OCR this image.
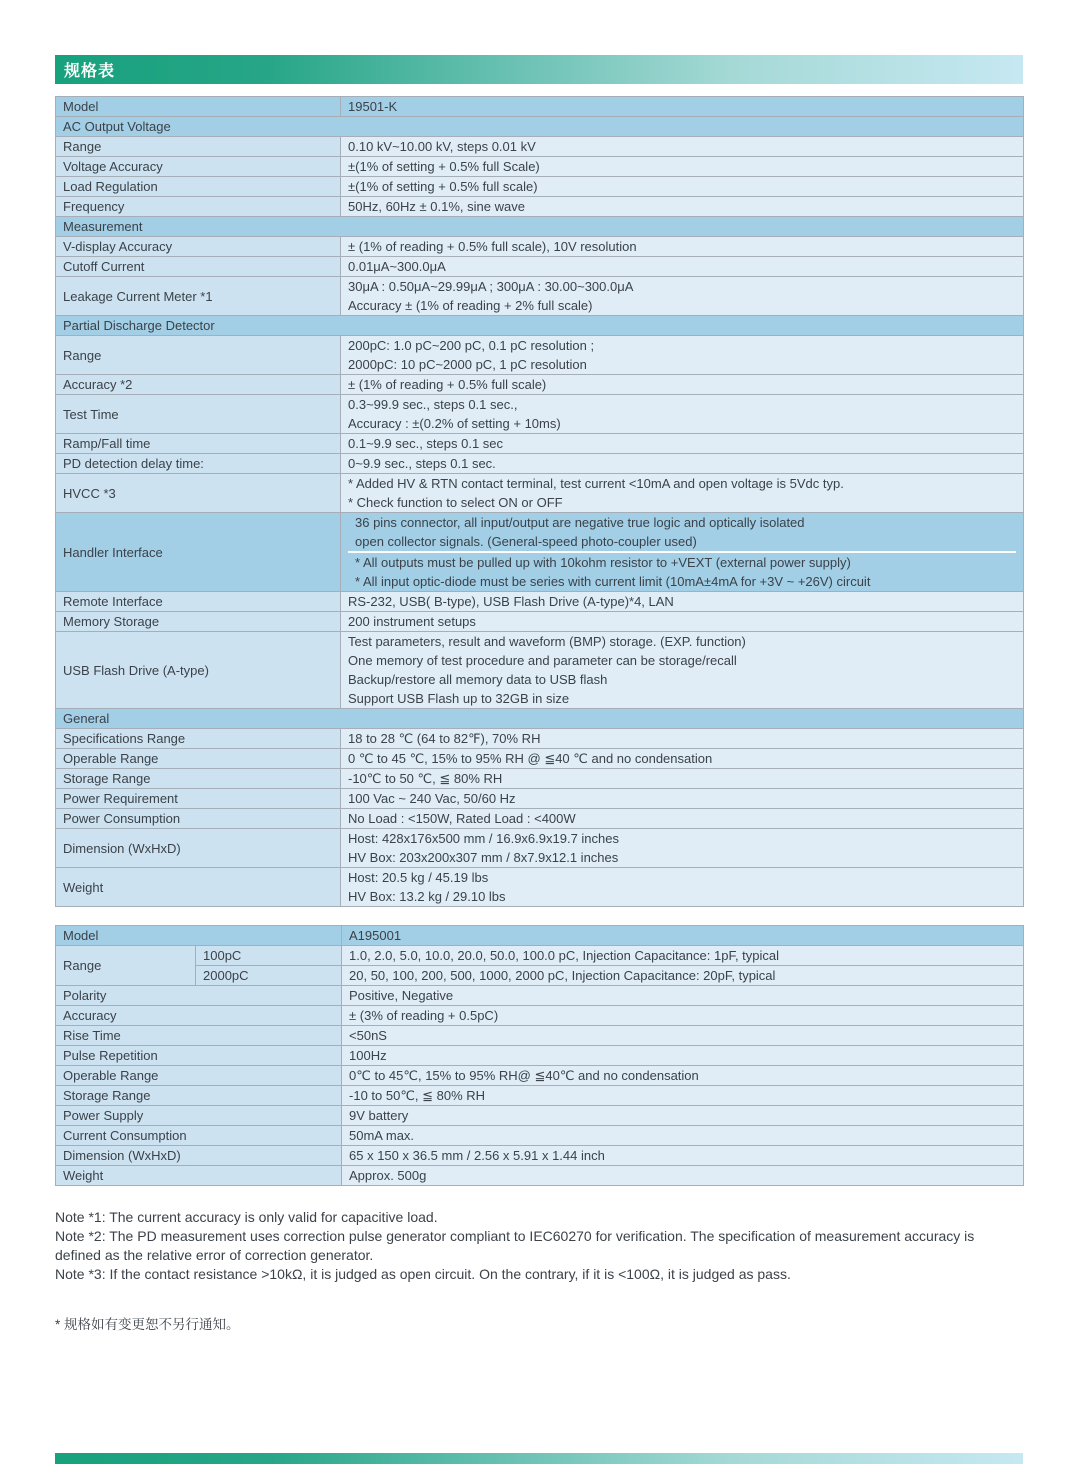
规格表
Model	19501-K

AC Output Voltage	

Range	0.10 kV~10.00 kV, steps 0.01 kV

Voltage Accuracy	±(1% of setting + 0.5% full Scale)

Load Regulation	±(1% of setting + 0.5% full scale)

Frequency	50Hz, 60Hz ± 0.1%, sine wave

Measurement	

V-display Accuracy	± (1% of reading + 0.5% full scale), 10V resolution

Cutoff Current	0.01μA~300.0μA

Leakage Current Meter *1	30μA : 0.50μA~29.99μA ; 300μA : 30.00~300.0μA
Accuracy ± (1% of reading + 2% full scale)

Partial Discharge Detector	

Range	200pC: 1.0 pC~200 pC, 0.1 pC resolution ;
2000pC: 10 pC~2000 pC, 1 pC resolution

Accuracy *2	± (1% of reading + 0.5% full scale)

Test Time	0.3~99.9 sec., steps 0.1 sec.,
Accuracy : ±(0.2% of setting + 10ms)

Ramp/Fall time	0.1~9.9 sec., steps 0.1 sec

PD detection delay time:	0~9.9 sec., steps 0.1 sec.

HVCC *3	* Added HV & RTN contact terminal, test current <10mA and open voltage is 5Vdc typ.
* Check function to select ON or OFF

Handler Interface	36 pins connector, all input/output are negative true logic and optically isolated
open collector signals. (General-speed photo-coupler used)
* All outputs must be pulled up with 10kohm resistor to +VEXT (external power supply)
* All input optic-diode must be series with current limit (10mA±4mA for +3V ~ +26V) circuit

Remote Interface	RS-232, USB( B-type), USB Flash Drive (A-type)*4, LAN

Memory Storage	200 instrument setups

USB Flash Drive (A-type)	Test parameters, result and waveform (BMP) storage. (EXP. function)
One memory of test procedure and parameter can be storage/recall
Backup/restore all memory data to USB flash
Support USB Flash up to 32GB in size

General	

Specifications Range	18 to 28 ℃ (64 to 82℉), 70% RH

Operable Range	0 ℃ to 45 ℃, 15% to 95% RH @ ≦40 ℃ and no condensation

Storage Range	-10℃ to 50 ℃, ≦ 80% RH

Power Requirement	100 Vac ~ 240 Vac, 50/60 Hz

Power Consumption	No Load : <150W, Rated Load : <400W

Dimension (WxHxD)	Host: 428x176x500 mm / 16.9x6.9x19.7 inches
HV Box: 203x200x307 mm / 8x7.9x12.1 inches

Weight	Host: 20.5 kg / 45.19 lbs
HV Box: 13.2 kg / 29.10 lbs
Model		A195001

Range	100pC	1.0, 2.0, 5.0, 10.0, 20.0, 50.0, 100.0 pC, Injection Capacitance: 1pF, typical

	2000pC	20, 50, 100, 200, 500, 1000, 2000 pC, Injection Capacitance: 20pF, typical

Polarity		Positive, Negative

Accuracy		± (3% of reading + 0.5pC)

Rise Time		<50nS

Pulse Repetition		100Hz

Operable Range		0℃ to 45℃, 15% to 95% RH@ ≦40℃ and no condensation

Storage Range		-10 to 50℃, ≦ 80% RH

Power Supply		9V battery

Current Consumption		50mA max.

Dimension (WxHxD)		65 x 150 x 36.5 mm / 2.56 x 5.91 x 1.44 inch

Weight		Approx. 500g
Note *1: The current accuracy is only valid for capacitive load.
Note *2: The PD measurement uses correction pulse generator compliant to IEC60270 for verification. The specification of measurement accuracy is defined as the relative error of correction generator.
Note *3: If the contact resistance >10kΩ, it is judged as open circuit. On the contrary, if it is <100Ω, it is judged as pass.
* 规格如有变更恕不另行通知。
